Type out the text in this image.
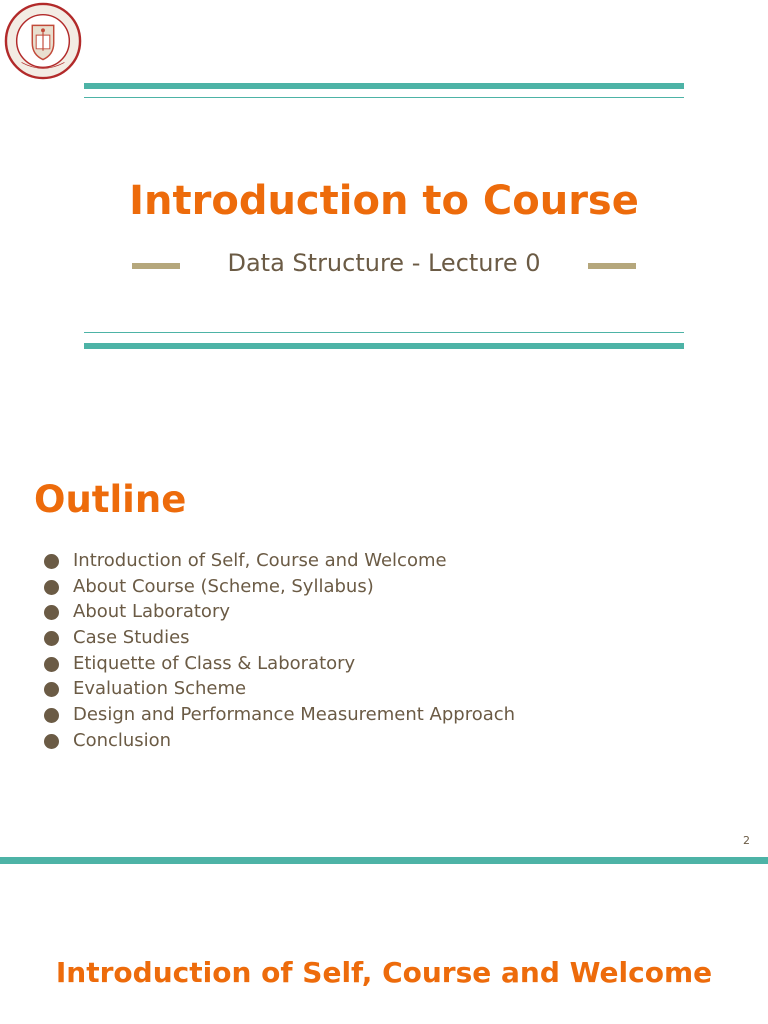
Introduction to Course
Data Structure - Lecture 0
Outline
Introduction of Self, Course and Welcome
About Course (Scheme, Syllabus)
About Laboratory
Case Studies
Etiquette of Class & Laboratory
Evaluation Scheme
Design and Performance Measurement Approach
Conclusion
2
Introduction of Self, Course and Welcome
